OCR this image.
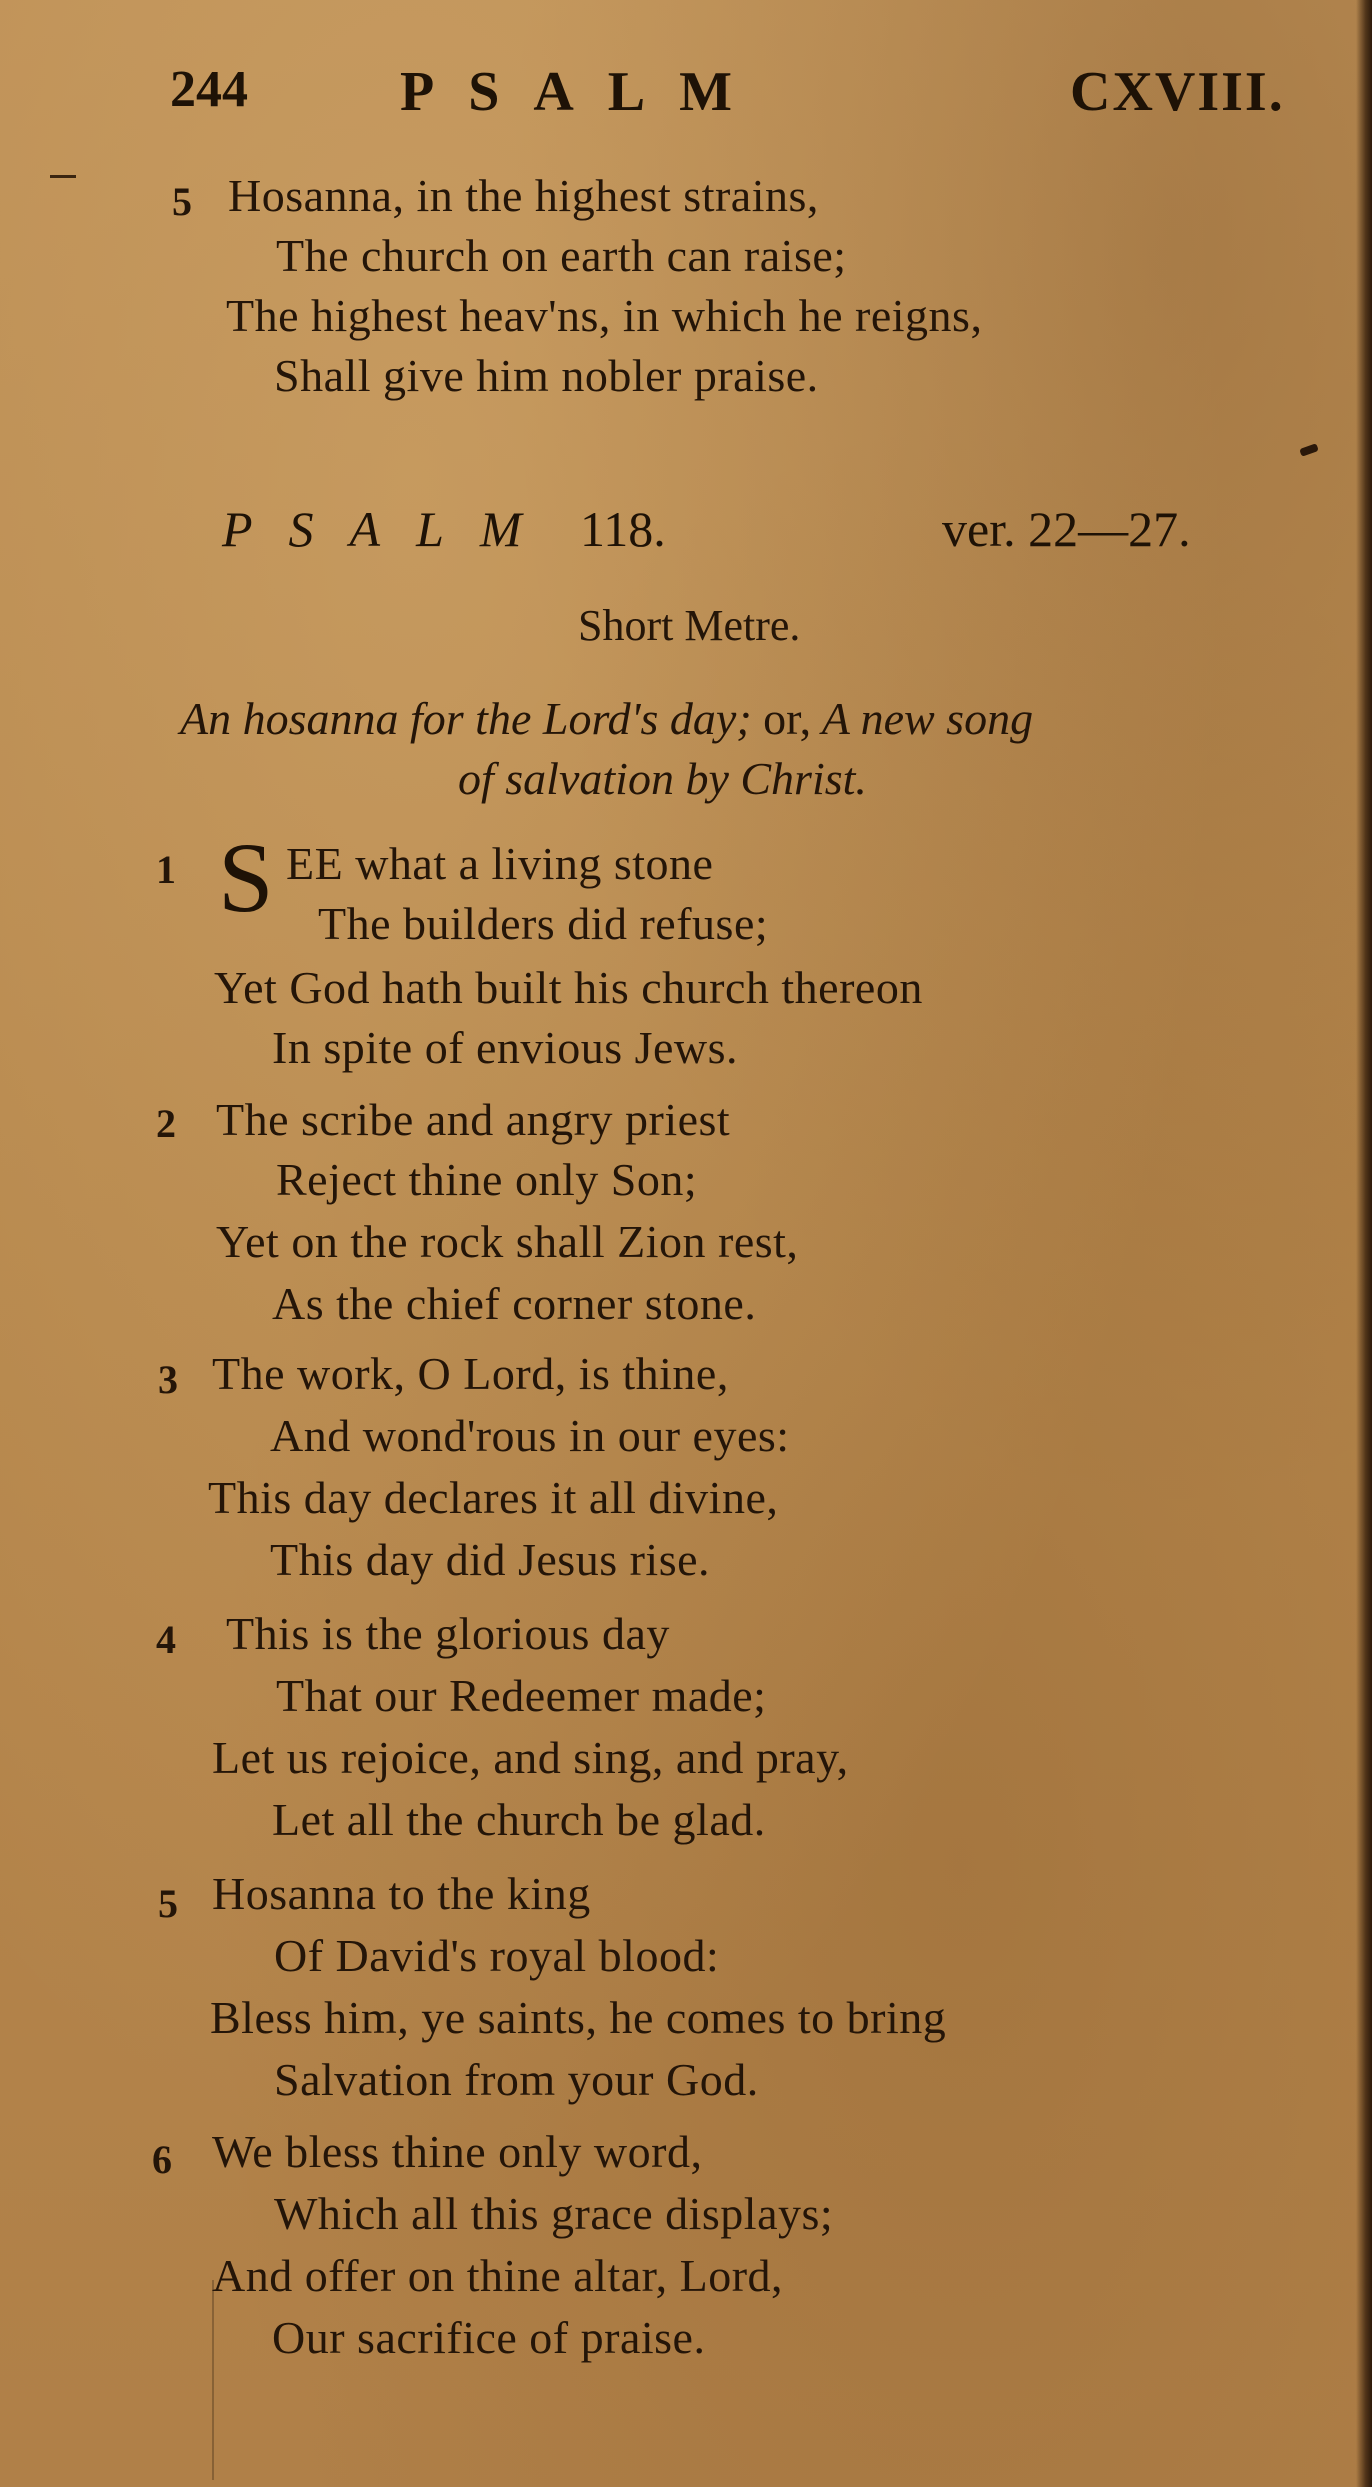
244	PSALM	CXVIII.
5 Hosanna, in the highest strains,
The church on earth can raise;
The highest heav'ns, in which he reigns,
Shall give him nobler praise.
PSALM 118.	ver. 22—27.
Short Metre.
An hosanna for the Lord's day; or, A new song
of salvation by Christ.
1 S EE what a living stone
The builders did refuse;
Yet God hath built his church thereon
In spite of envious Jews.
2 The scribe and angry priest
Reject thine only Son;
Yet on the rock shall Zion rest,
As the chief corner stone.
3 The work, O Lord, is thine,
And wond'rous in our eyes:
This day declares it all divine,
This day did Jesus rise.
4 This is the glorious day
That our Redeemer made;
Let us rejoice, and sing, and pray,
Let all the church be glad.
5 Hosanna to the king
Of David's royal blood:
Bless him, ye saints, he comes to bring
Salvation from your God.
6 We bless thine only word,
Which all this grace displays;
And offer on thine altar, Lord,
Our sacrifice of praise.
